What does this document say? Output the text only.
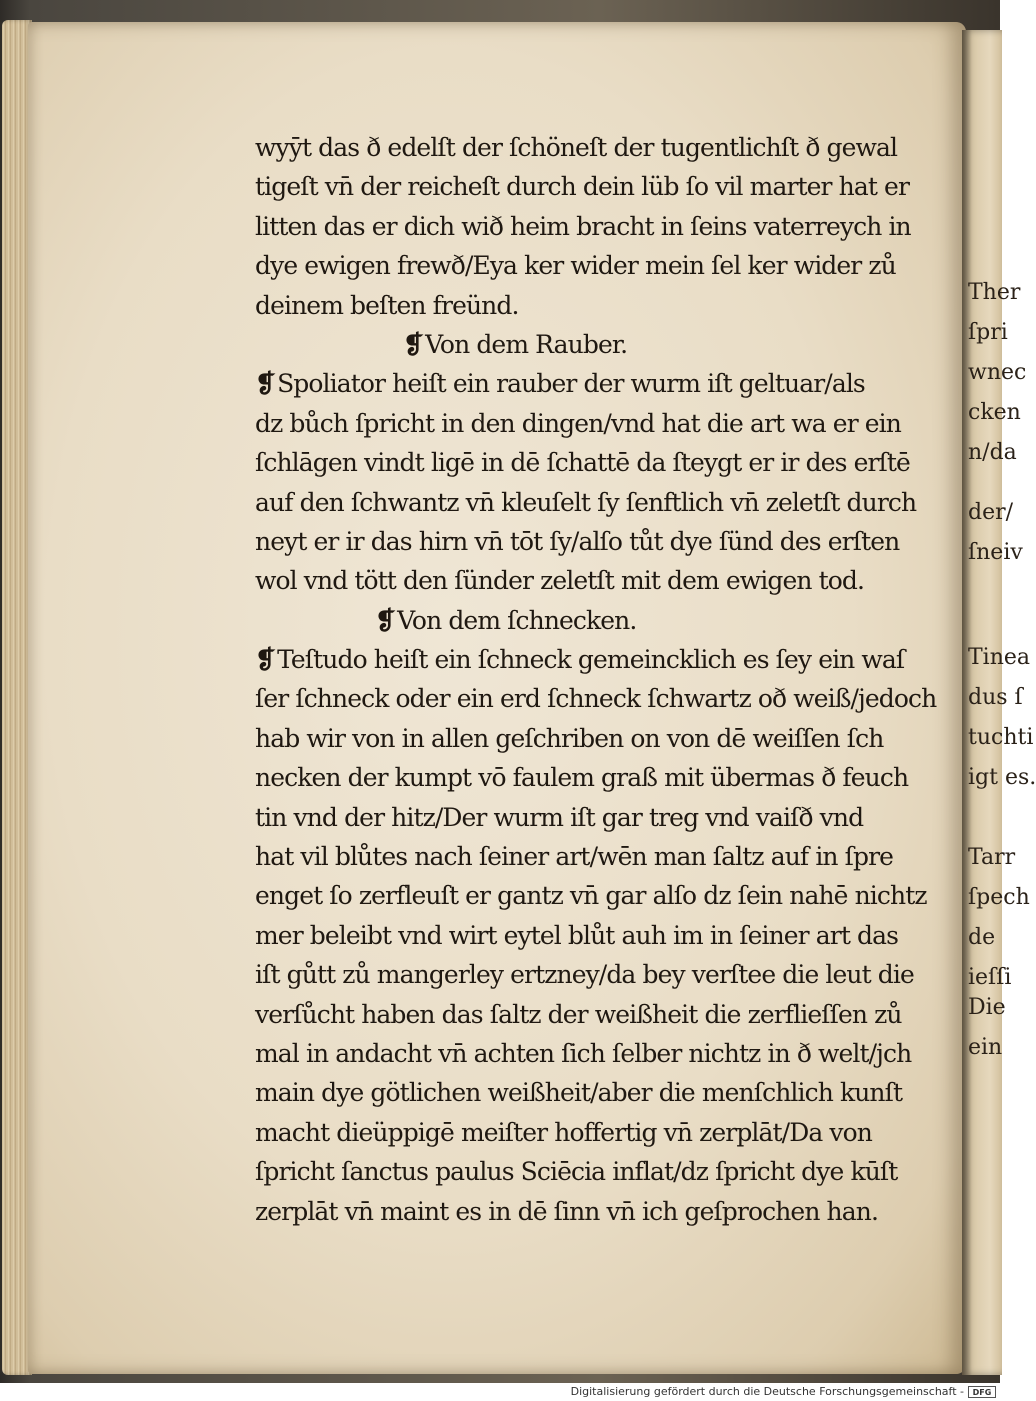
Ther
ſpri
wnec
cken
n/da
der/
ſneiv
Tinea
dus ſ
tuchti
igt es.
Tarr
ſpech
de
ieſſi
Die
ein
wyȳt das ð edelſt der ſchöneſt der tugentlichſt ð gewal
tigeſt vn̄ der reicheſt durch dein lüb ſo vil marter hat er
litten das er dich wið heim bracht in ſeins vaterreych in
dye ewigen frewð/Eya ker wider mein ſel ker wider zů
deinem beſten freünd.
❡Von dem Rauber.
❡Spoliator heiſt ein rauber der wurm iſt geltuar/als
dz bůch ſpricht in den dingen/vnd hat die art wa er ein
ſchlāgen vindt ligē in dē ſchattē da ſteygt er ir des erſtē
auf den ſchwantz vn̄ kleuſelt ſy ſenftlich vn̄ zeletſt durch
neyt er ir das hirn vn̄ tōt ſy/alſo tůt dye ſünd des erſten
wol vnd tött den ſünder zeletſt mit dem ewigen tod.
❡Von dem ſchnecken.
❡Teſtudo heiſt ein ſchneck gemeincklich es ſey ein waſ
ſer ſchneck oder ein erd ſchneck ſchwartz oð weiß/jedoch
hab wir von in allen geſchriben on von dē weiſſen ſch
necken der kumpt vō faulem graß mit übermas ð feuch
tin vnd der hitz/Der wurm iſt gar treg vnd vaiſð vnd
hat vil blůtes nach ſeiner art/wēn man ſaltz auf in ſpre
enget ſo zerfleuſt er gantz vn̄ gar alſo dz ſein nahē nichtz
mer beleibt vnd wirt eytel blůt auh im in ſeiner art das
iſt gůtt zů mangerley ertzney/da bey verſtee die leut die
verſůcht haben das ſaltz der weißheit die zerflieſſen zů
mal in andacht vn̄ achten ſich ſelber nichtz in ð welt/jch
main dye götlichen weißheit/aber die menſchlich kunſt
macht dieüppigē meiſter hoffertig vn̄ zerplāt/Da von
ſpricht ſanctus paulus Sciēcia inflat/dz ſpricht dye kūſt
zerplāt vn̄ maint es in dē ſinn vn̄ ich geſprochen han.
Digitalisierung gefördert durch die Deutsche Forschungsgemeinschaft -	DFG
